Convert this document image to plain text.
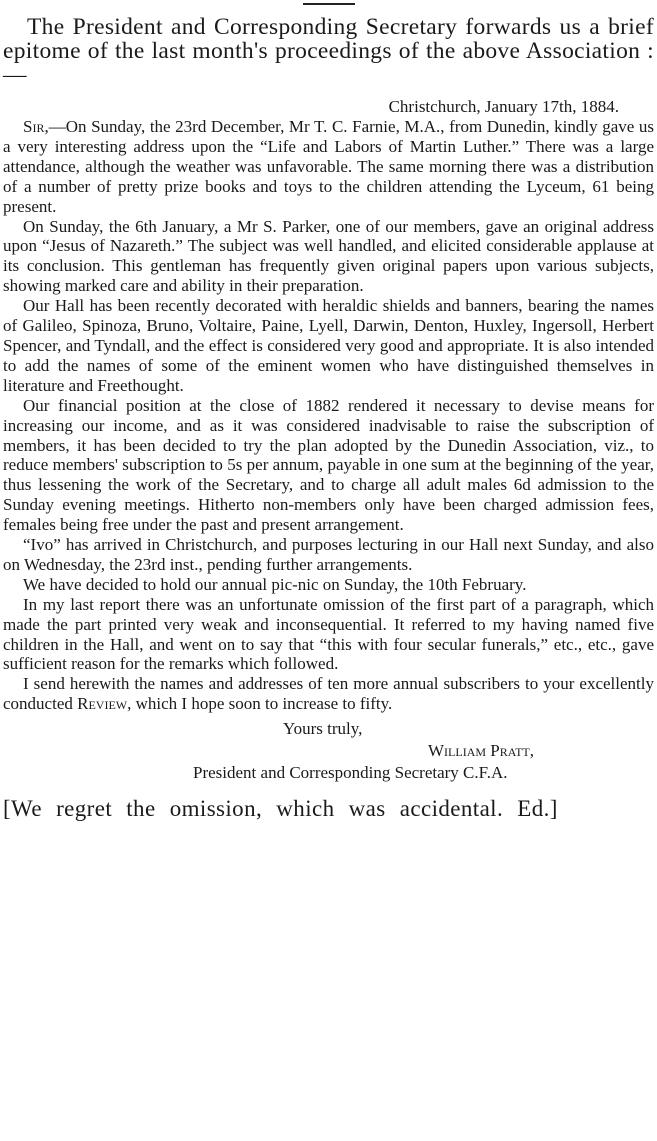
The President and Corresponding Secretary forwards us a brief epitome of the last month's proceedings of the above Association :—
Christchurch, January 17th, 1884.

Sir,—On Sunday, the 23rd December, Mr T. C. Farnie, M.A., from Dunedin, kindly gave us a very interesting address upon the “Life and Labors of Martin Luther.” There was a large attendance, although the weather was unfavorable. The same morning there was a distribution of a number of pretty prize books and toys to the children attending the Lyceum, 61 being present.

On Sunday, the 6th January, a Mr S. Parker, one of our members, gave an original address upon “Jesus of Nazareth.” The subject was well handled, and elicited considerable applause at its conclusion. This gentleman has frequently given original papers upon various subjects, showing marked care and ability in their preparation.

Our Hall has been recently decorated with heraldic shields and banners, bearing the names of Galileo, Spinoza, Bruno, Voltaire, Paine, Lyell, Darwin, Denton, Huxley, Ingersoll, Herbert Spencer, and Tyndall, and the effect is considered very good and appropriate. It is also intended to add the names of some of the eminent women who have distinguished themselves in literature and Freethought.

Our financial position at the close of 1882 rendered it necessary to devise means for increasing our income, and as it was considered inadvisable to raise the subscription of members, it has been decided to try the plan adopted by the Dunedin Association, viz., to reduce members' subscription to 5s per annum, payable in one sum at the beginning of the year, thus lessening the work of the Secretary, and to charge all adult males 6d admission to the Sunday evening meetings. Hitherto non-members only have been charged admission fees, females being free under the past and present arrangement.

“Ivo” has arrived in Christchurch, and purposes lecturing in our Hall next Sunday, and also on Wednesday, the 23rd inst., pending further arrangements.

We have decided to hold our annual pic-nic on Sunday, the 10th February.

In my last report there was an unfortunate omission of the first part of a paragraph, which made the part printed very weak and inconsequential. It referred to my having named five children in the Hall, and went on to say that “this with four secular funerals,” etc., etc., gave sufficient reason for the remarks which followed.

I send herewith the names and addresses of ten more annual subscribers to your excellently conducted Review, which I hope soon to increase to fifty.

Yours truly,
William Pratt,
President and Corresponding Secretary C.F.A.
[We regret the omission, which was accidental. Ed.]
